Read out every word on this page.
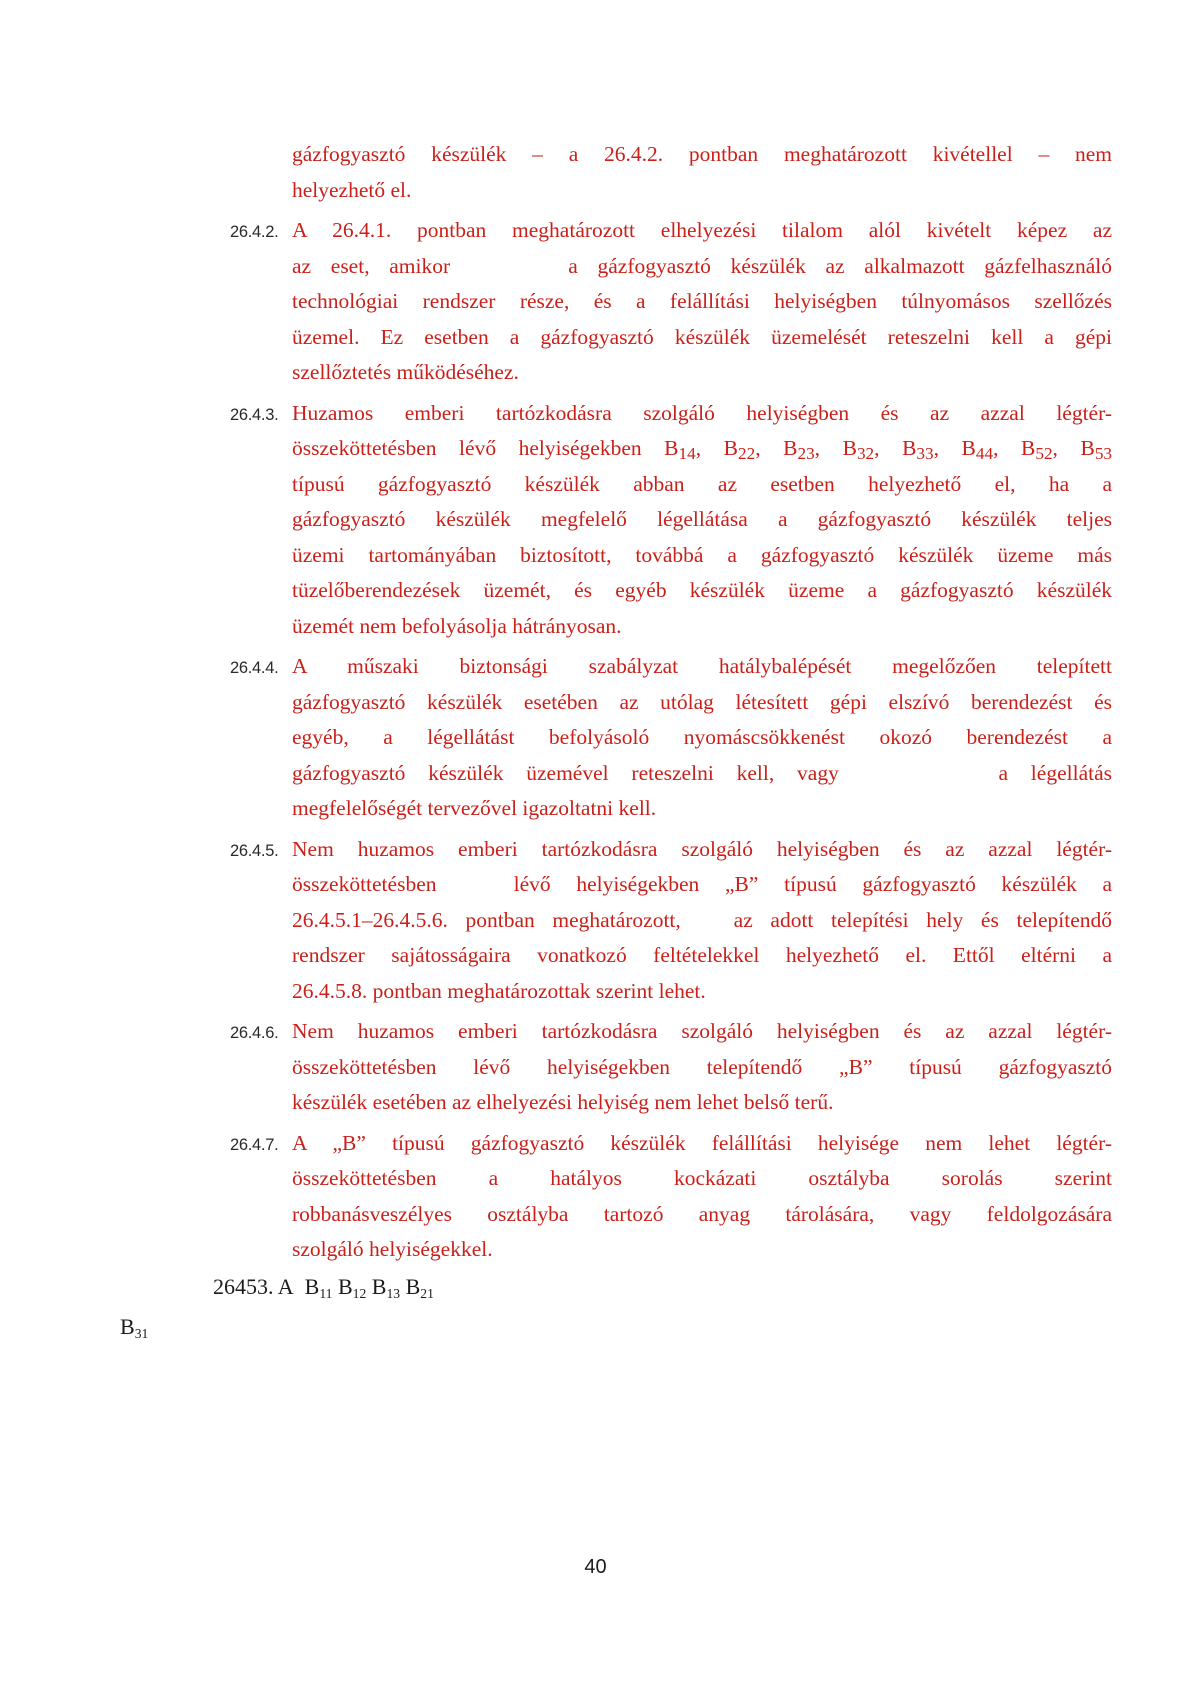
gázfogyasztó készülék – a 26.4.2. pontban meghatározott kivétellel – nem
helyezhető el.
26.4.2. A 26.4.1. pontban meghatározott elhelyezési tilalom alól kivételt képez az
az eset, amikor      a gázfogyasztó készülék az alkalmazott gázfelhasználó
technológiai rendszer része, és a felállítási helyiségben túlnyomásos szellőzés
üzemel. Ez esetben a gázfogyasztó készülék üzemelését reteszelni kell a gépi
szellőztetés működéséhez.
26.4.3. Huzamos emberi tartózkodásra szolgáló helyiségben és az azzal légtér-
összeköttetésben lévő helyiségekben $B_{14}$, $B_{22}$, $B_{23}$, $B_{32}$, $B_{33}$, $B_{44}$, $B_{52}$, $B_{53}$
típusú gázfogyasztó készülék abban az esetben helyezhető el, ha a
gázfogyasztó készülék megfelelő légellátása a gázfogyasztó készülék teljes
üzemi tartományában biztosított, továbbá a gázfogyasztó készülék üzeme más
tüzelőberendezések üzemét, és egyéb készülék üzeme a gázfogyasztó készülék
üzemét nem befolyásolja hátrányosan.
26.4.4. A műszaki biztonsági szabályzat hatálybalépését megelőzően telepített
gázfogyasztó készülék esetében az utólag létesített gépi elszívó berendezést és
egyéb, a légellátást befolyásoló nyomáscsökkenést okozó berendezést a
gázfogyasztó készülék üzemével reteszelni kell, vagy       a légellátás
megfelelőségét tervezővel igazoltatni kell.
26.4.5. Nem huzamos emberi tartózkodásra szolgáló helyiségben és az azzal légtér-
összeköttetésben   lévő helyiségekben „B” típusú gázfogyasztó készülék a
26.4.5.1–26.4.5.6. pontban meghatározott,   az adott telepítési hely és telepítendő
rendszer sajátosságaira vonatkozó feltételekkel helyezhető el. Ettől eltérni a
26.4.5.8. pontban meghatározottak szerint lehet.
26.4.6. Nem huzamos emberi tartózkodásra szolgáló helyiségben és az azzal légtér-
összeköttetésben lévő helyiségekben telepítendő „B” típusú gázfogyasztó
készülék esetében az elhelyezési helyiség nem lehet belső terű.
26.4.7. A „B” típusú gázfogyasztó készülék felállítási helyisége nem lehet légtér-
összeköttetésben a hatályos kockázati osztályba sorolás szerint
robbanásveszélyes osztályba tartozó anyag tárolására, vagy feldolgozására
szolgáló helyiségekkel.
26453. A  $B_{11}$ $B_{12}$ $B_{13}$ $B_{21}$
$B_{31}$
40
